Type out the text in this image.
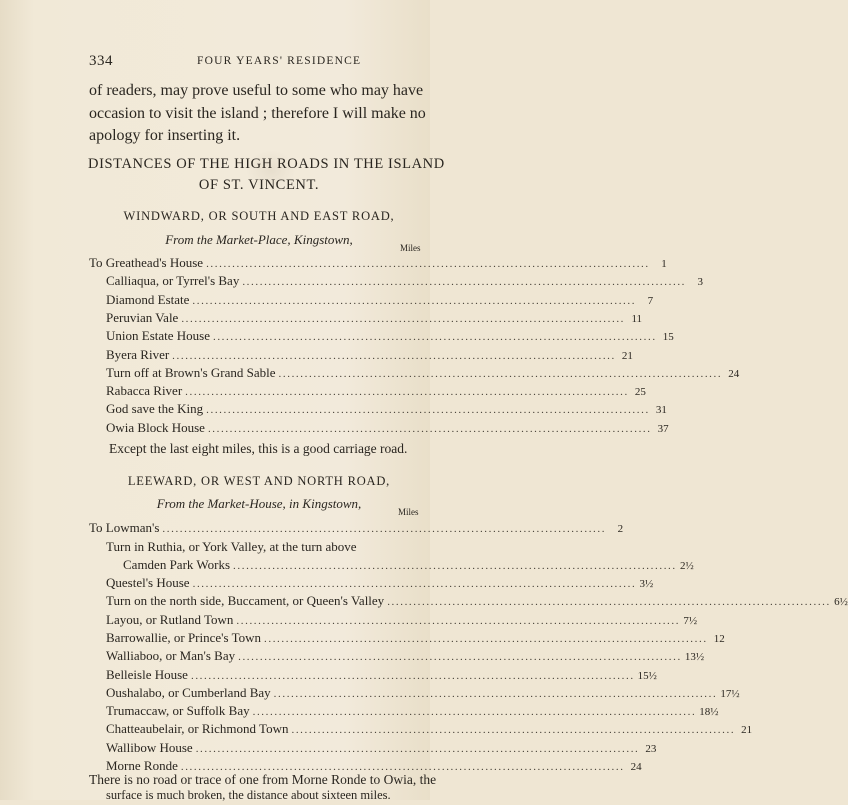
334	FOUR YEARS' RESIDENCE
of readers, may prove useful to some who may have
occasion to visit the island ; therefore I will make no
apology for inserting it.
DISTANCES OF THE HIGH ROADS IN THE ISLAND
OF ST. VINCENT.
WINDWARD, OR SOUTH AND EAST ROAD,
From the Market-Place, Kingstown,
Miles
To Greathead's House ......................................................................................................	1
Calliaqua, or Tyrrel's Bay ......................................................................................................	3
Diamond Estate ......................................................................................................	7
Peruvian Vale ...................................................................................................... 11
Union Estate House ...................................................................................................... 15
Byera River ...................................................................................................... 21
Turn off at Brown's Grand Sable ...................................................................................................... 24
Rabacca River ...................................................................................................... 25
God save the King ...................................................................................................... 31
Owia Block House ...................................................................................................... 37
Except the last eight miles, this is a good carriage road.
LEEWARD, OR WEST AND NORTH ROAD,
From the Market-House, in Kingstown,
Miles
To Lowman's ......................................................................................................	2
Turn in Ruthia, or York Valley, at the turn above
Camden Park Works ...................................................................................................... 2½
Questel's House ...................................................................................................... 3½
Turn on the north side, Buccament, or Queen's Valley ...................................................................................................... 6½
Layou, or Rutland Town ...................................................................................................... 7½
Barrowallie, or Prince's Town ...................................................................................................... 12
Walliaboo, or Man's Bay ...................................................................................................... 13½
Belleisle House ...................................................................................................... 15½
Oushalabo, or Cumberland Bay ...................................................................................................... 17½
Trumaccaw, or Suffolk Bay ...................................................................................................... 18½
Chatteaubelair, or Richmond Town ...................................................................................................... 21
Wallibow House ...................................................................................................... 23
Morne Ronde ...................................................................................................... 24
There is no road or trace of one from Morne Ronde to Owia, the
surface is much broken, the distance about sixteen miles.
